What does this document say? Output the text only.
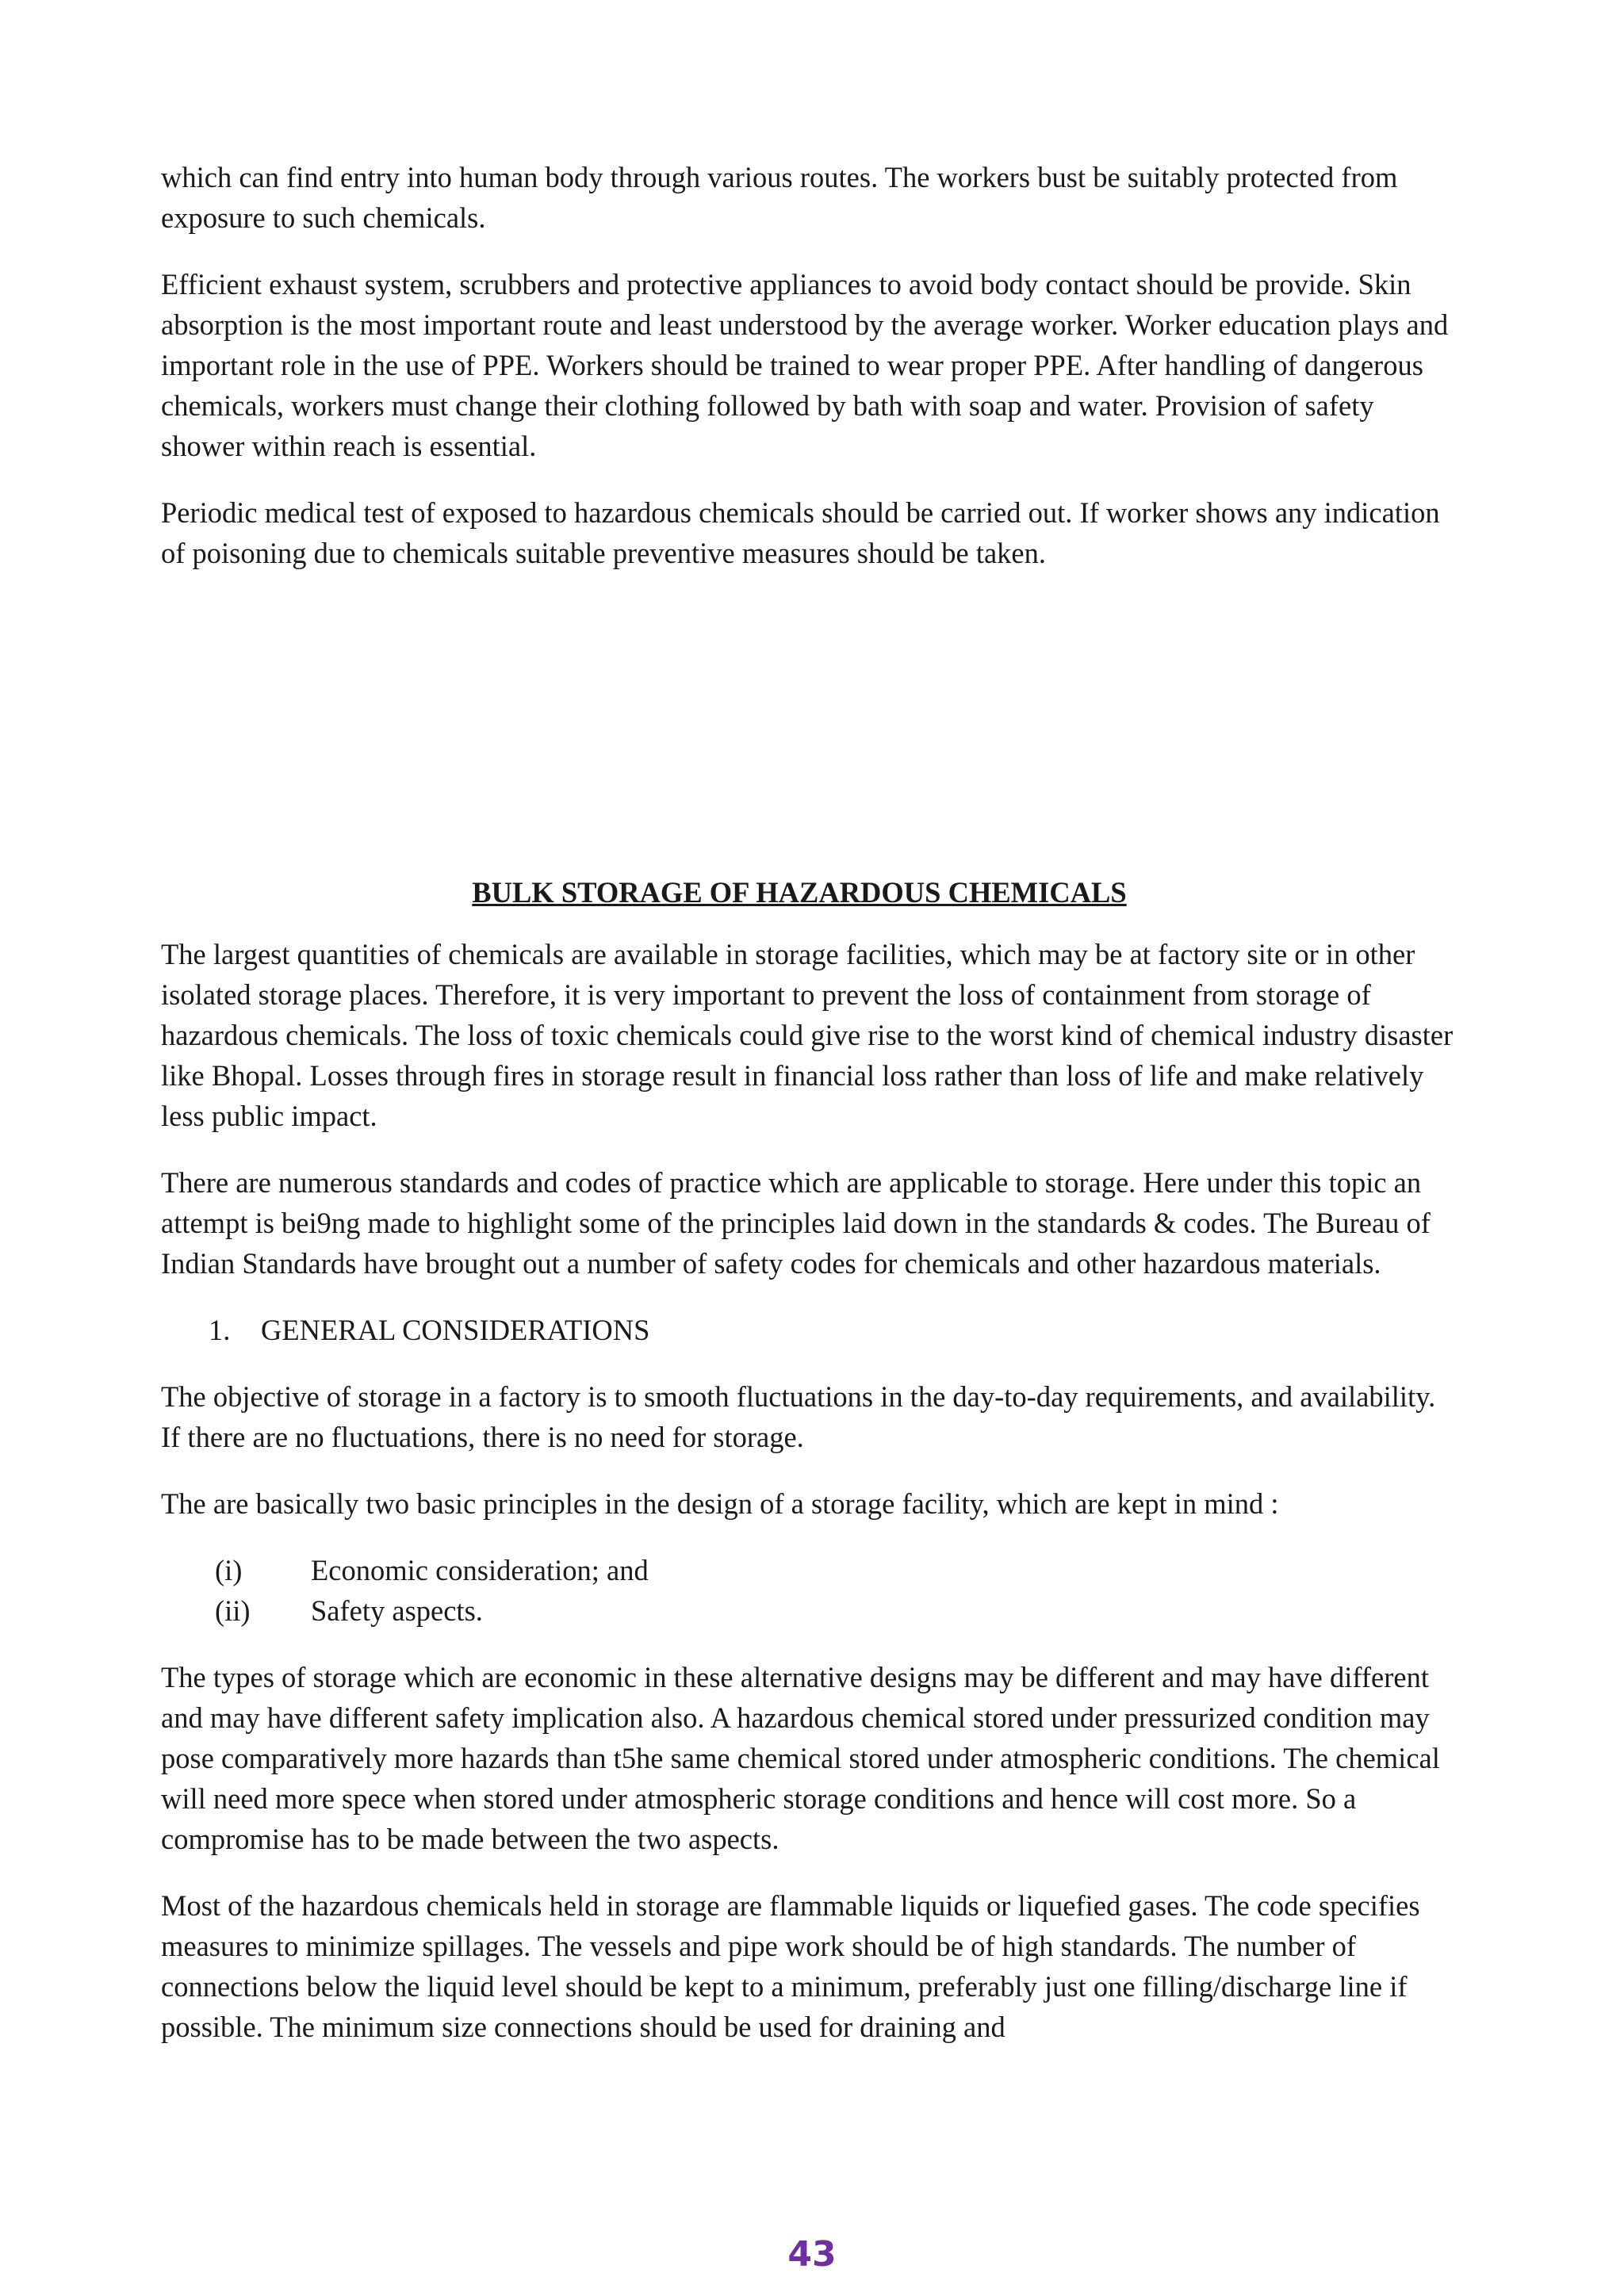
which can find entry into human body through various routes. The workers bust be suitably protected from exposure to such chemicals.

Efficient exhaust system, scrubbers and protective appliances to avoid body contact should be provide. Skin absorption is the most important route and least understood by the average worker. Worker education plays and important role in the use of PPE. Workers should be trained to wear proper PPE. After handling of dangerous chemicals, workers must change their clothing followed by bath with soap and water. Provision of safety shower within reach is essential.

Periodic medical test of exposed to hazardous chemicals should be carried out. If worker shows any indication of poisoning due to chemicals suitable preventive measures should be taken.

BULK STORAGE OF HAZARDOUS CHEMICALS

The largest quantities of chemicals are available in storage facilities, which may be at factory site or in other isolated storage places. Therefore, it is very important to prevent the loss of containment from storage of hazardous chemicals. The loss of toxic chemicals could give rise to the worst kind of chemical industry disaster like Bhopal. Losses through fires in storage result in financial loss rather than loss of life and make relatively less public impact.

There are numerous standards and codes of practice which are applicable to storage. Here under this topic an attempt is bei9ng made to highlight some of the principles laid down in the standards & codes. The Bureau of Indian Standards have brought out a number of safety codes for chemicals and other hazardous materials.

1.	GENERAL CONSIDERATIONS

The objective of storage in a factory is to smooth fluctuations in the day-to-day requirements, and availability. If there are no fluctuations, there is no need for storage.

The are basically two basic principles in the design of a storage facility, which are kept in mind :

(i)	Economic consideration; and
(ii)	Safety aspects.

The types of storage which are economic in these alternative designs may be different and may have different and may have different safety implication also. A hazardous chemical stored under pressurized condition may pose comparatively more hazards than t5he same chemical stored under atmospheric conditions. The chemical will need more spece when stored under atmospheric storage conditions and hence will cost more. So a compromise has to be made between the two aspects.

Most of the hazardous chemicals held in storage are flammable liquids or liquefied gases. The code specifies measures to minimize spillages. The vessels and pipe work should be of high standards. The number of connections below the liquid level should be kept to a minimum, preferably just one filling/discharge line if possible. The minimum size connections should be used for draining and

43
